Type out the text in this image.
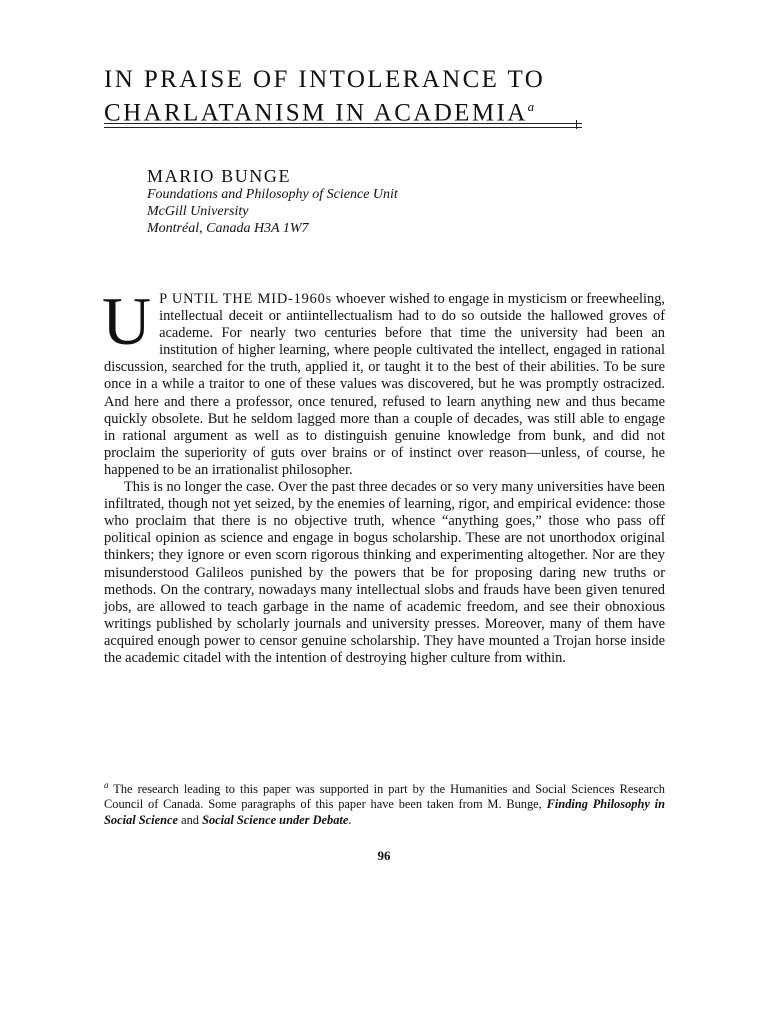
IN PRAISE OF INTOLERANCE TO
CHARLATANISM IN ACADEMIA$^a$
MARIO BUNGE
Foundations and Philosophy of Science Unit
McGill University
Montréal, Canada H3A 1W7

U P UNTIL THE MID-1960s whoever wished to engage in mysticism or freewheeling, intellectual deceit or antiintellectualism had to do so outside the hallowed groves of academe. For nearly two centuries before that time the university had been an institution of higher learning, where people cultivated the intellect, engaged in rational discussion, searched for the truth, applied it, or taught it to the best of their abilities. To be sure once in a while a traitor to one of these values was discovered, but he was promptly ostracized. And here and there a professor, once tenured, refused to learn anything new and thus became quickly obsolete. But he seldom lagged more than a couple of decades, was still able to engage in rational argument as well as to distinguish genuine knowledge from bunk, and did not proclaim the superiority of guts over brains or of instinct over reason—unless, of course, he happened to be an irrationalist philosopher.

This is no longer the case. Over the past three decades or so very many universities have been infiltrated, though not yet seized, by the enemies of learning, rigor, and empirical evidence: those who proclaim that there is no objective truth, whence “anything goes,” those who pass off political opinion as science and engage in bogus scholarship. These are not unorthodox original thinkers; they ignore or even scorn rigorous thinking and experimenting altogether. Nor are they misunderstood Galileos punished by the powers that be for proposing daring new truths or methods. On the contrary, nowadays many intellectual slobs and frauds have been given tenured jobs, are allowed to teach garbage in the name of academic freedom, and see their obnoxious writings published by scholarly journals and university presses. Moreover, many of them have acquired enough power to censor genuine scholarship. They have mounted a Trojan horse inside the academic citadel with the intention of destroying higher culture from within.

$^a$ The research leading to this paper was supported in part by the Humanities and Social Sciences Research Council of Canada. Some paragraphs of this paper have been taken from M. Bunge, Finding Philosophy in Social Science and Social Science under Debate.
96
